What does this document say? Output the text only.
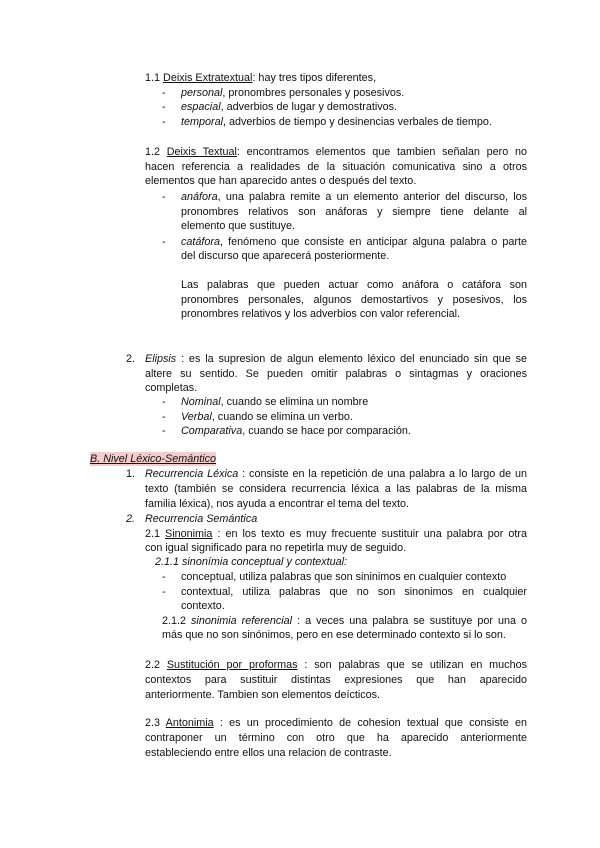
1.1 Deixis Extratextual: hay tres tipos diferentes,
- personal, pronombres personales y posesivos.
- espacial, adverbios de lugar y demostrativos.
- temporal, adverbios de tiempo y desinencias verbales de tiempo.
1.2 Deixis Textual: encontramos elementos que tambien señalan pero no
hacen referencia a realidades de la situación comunicativa sino a otros
elementos que han aparecido antes o después del texto.
- anáfora, una palabra remite a un elemento anterior del discurso, los
pronombres relativos son anáforas y siempre tiene delante al
elemento que sustituye.
- catáfora, fenómeno que consiste en anticipar alguna palabra o parte
del discurso que aparecerá posteriormente.
Las palabras que pueden actuar como anáfora o catáfora son
pronombres personales, algunos demostartivos y posesivos, los
pronombres relativos y los adverbios con valor referencial.
2. Elipsis : es la supresion de algun elemento léxico del enunciado sin que se
altere su sentido. Se pueden omitir palabras o sintagmas y oraciones
completas.
- Nominal, cuando se elimina un nombre
- Verbal, cuando se elimina un verbo.
- Comparativa, cuando se hace por comparación.
B. Nivel Léxico-Semántico
1. Recurrencia Léxica : consiste en la repetición de una palabra a lo largo de un
texto (también se considera recurrencia léxica a las palabras de la misma
familia léxica), nos ayuda a encontrar el tema del texto.
2. Recurrencia Semántica
2.1 Sinonimia : en los texto es muy frecuente sustituir una palabra por otra
con igual significado para no repetirla muy de seguido.
2.1.1 sinonímia conceptual y contextual:
- conceptual, utiliza palabras que son sininimos en cualquier contexto
- contextual, utiliza palabras que no son sinonimos en cualquier
contexto.
2.1.2 sinonimia referencial : a veces una palabra se sustituye por una o
más que no son sinónimos, pero en ese determinado contexto si lo son.
2.2 Sustitución por proformas : son palabras que se utilizan en muchos
contextos para sustituir distintas expresiones que han aparecido
anteriormente. Tambien son elementos deícticos.
2.3 Antonimia : es un procedimiento de cohesion textual que consiste en
contraponer un término con otro que ha aparecido anteriormente
estableciendo entre ellos una relacion de contraste.
